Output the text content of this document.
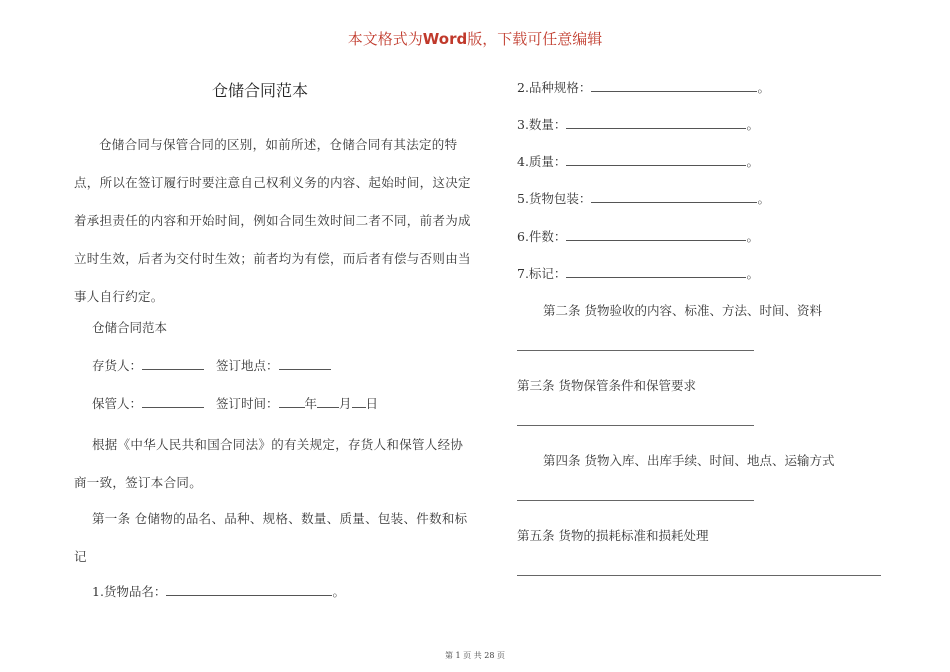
本文格式为Word版，下载可任意编辑
仓储合同范本
仓储合同与保管合同的区别，如前所述，仓储合同有其法定的特点，所以在签订履行时要注意自己权利义务的内容、起始时间，这决定着承担责任的内容和开始时间，例如合同生效时间二者不同，前者为成立时生效，后者为交付时生效；前者均为有偿，而后者有偿与否则由当事人自行约定。
仓储合同范本
存货人：	签订地点：
保管人：	签订时间： 年 月 日
根据《中华人民共和国合同法》的有关规定，存货人和保管人经协商一致，签订本合同。
第一条 仓储物的品名、品种、规格、数量、质量、包装、件数和标记
1.货物品名：	。
2.品种规格：	。
3.数量：	。
4.质量：	。
5.货物包装：	。
6.件数：	。
7.标记：	。
第二条 货物验收的内容、标准、方法、时间、资料
第三条 货物保管条件和保管要求
第四条 货物入库、出库手续、时间、地点、运输方式
第五条 货物的损耗标准和损耗处理
第 1 页 共 28 页
